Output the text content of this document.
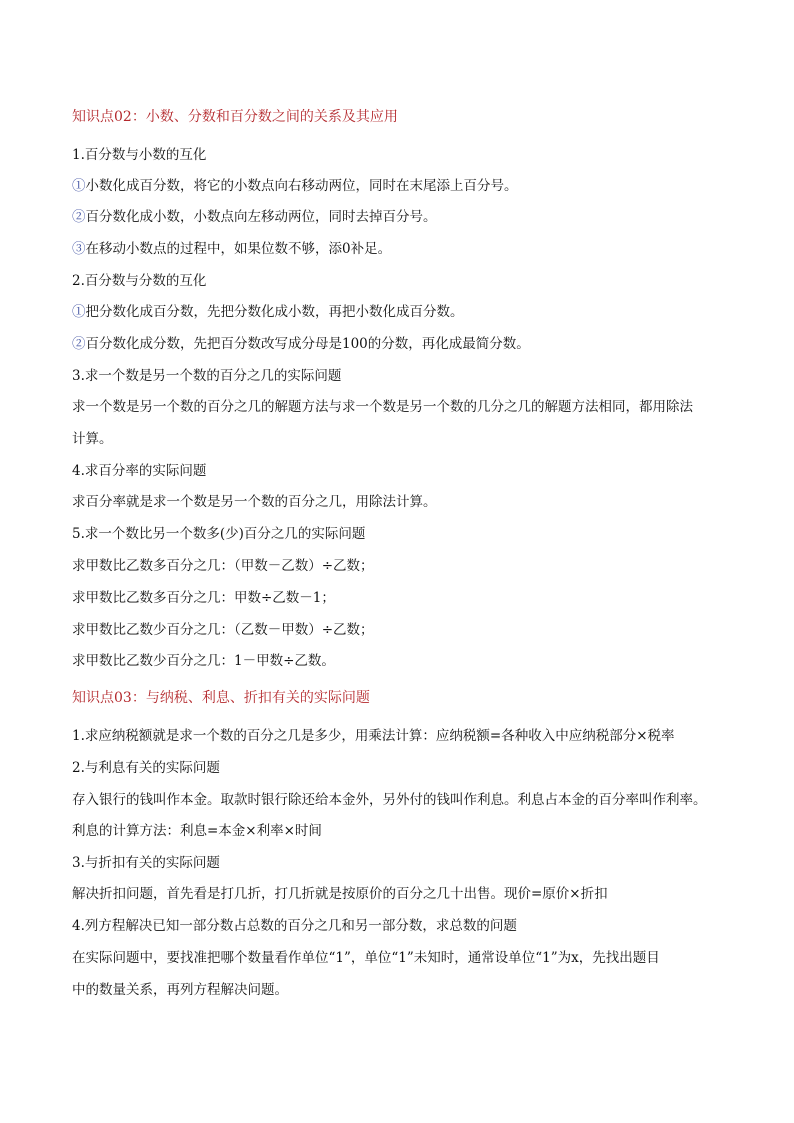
知识点02：小数、分数和百分数之间的关系及其应用
1.百分数与小数的互化
①小数化成百分数，将它的小数点向右移动两位，同时在末尾添上百分号。
②百分数化成小数，小数点向左移动两位，同时去掉百分号。
③在移动小数点的过程中，如果位数不够，添0补足。
2.百分数与分数的互化
①把分数化成百分数，先把分数化成小数，再把小数化成百分数。
②百分数化成分数，先把百分数改写成分母是100的分数，再化成最简分数。
3.求一个数是另一个数的百分之几的实际问题
求一个数是另一个数的百分之几的解题方法与求一个数是另一个数的几分之几的解题方法相同，都用除法
计算。
4.求百分率的实际问题
求百分率就是求一个数是另一个数的百分之几，用除法计算。
5.求一个数比另一个数多(少)百分之几的实际问题
求甲数比乙数多百分之几：（甲数－乙数）÷乙数；
求甲数比乙数多百分之几：甲数÷乙数－1；
求甲数比乙数少百分之几：（乙数－甲数）÷乙数；
求甲数比乙数少百分之几：1－甲数÷乙数。
知识点03：与纳税、利息、折扣有关的实际问题
1.求应纳税额就是求一个数的百分之几是多少，用乘法计算：应纳税额=各种收入中应纳税部分×税率
2.与利息有关的实际问题
存入银行的钱叫作本金。取款时银行除还给本金外，另外付的钱叫作利息。利息占本金的百分率叫作利率。
利息的计算方法：利息=本金×利率×时间
3.与折扣有关的实际问题
解决折扣问题，首先看是打几折，打几折就是按原价的百分之几十出售。现价=原价×折扣
4.列方程解决已知一部分数占总数的百分之几和另一部分数，求总数的问题
在实际问题中，要找准把哪个数量看作单位“1”，单位“1”未知时，通常设单位“1”为x，先找出题目
中的数量关系，再列方程解决问题。
